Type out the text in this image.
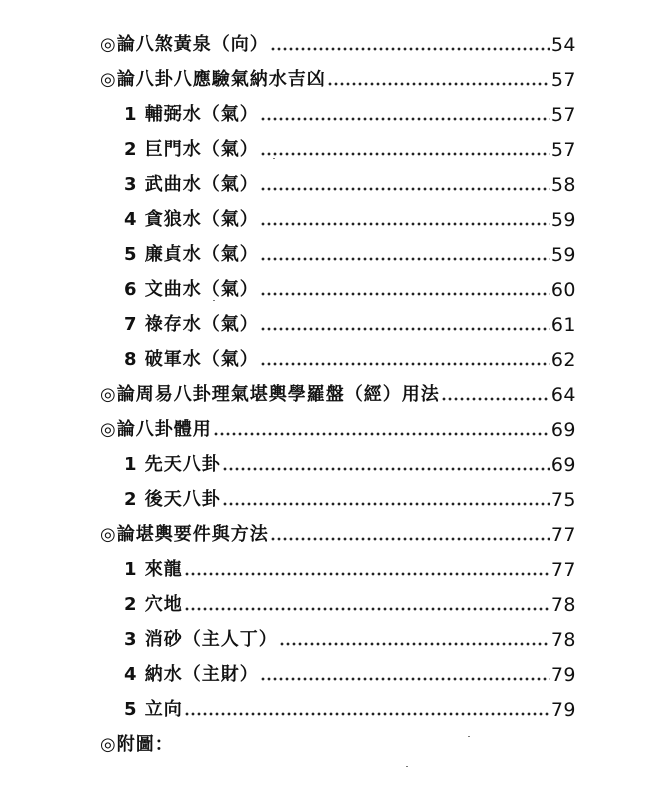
◎論八煞黃泉（向）	54
◎論八卦八應驗氣納水吉凶	57
1 輔弼水（氣）	57
2 巨門水（氣）	57
3 武曲水（氣）	58
4 貪狼水（氣）	59
5 廉貞水（氣）	59
6 文曲水（氣）	60
7 祿存水（氣）	61
8 破軍水（氣）	62
◎論周易八卦理氣堪輿學羅盤（經）用法	64
◎論八卦體用	69
1 先天八卦	69
2 後天八卦	75
◎論堪輿要件與方法	77
1 來龍	77
2 穴地	78
3 消砂（主人丁）	78
4 納水（主財）	79
5 立向	79
◎附圖：
